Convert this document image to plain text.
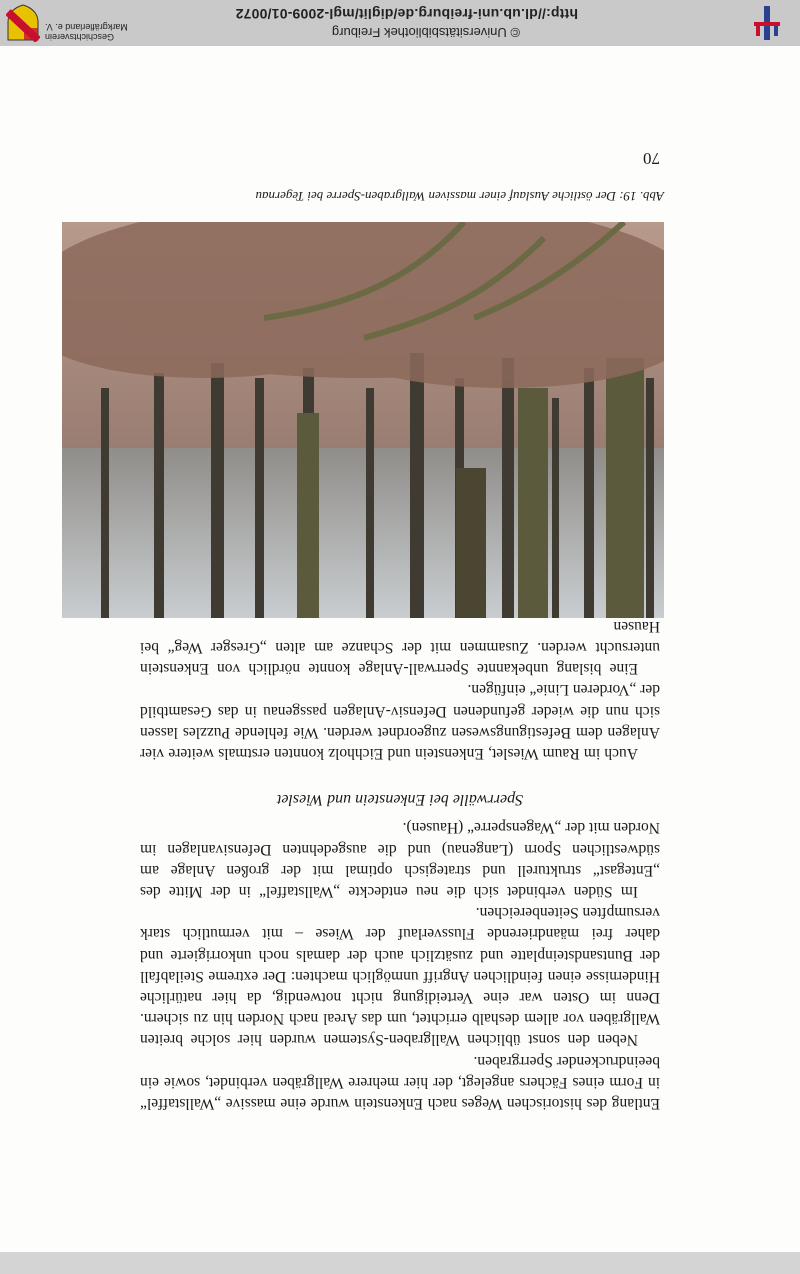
Entlang des historischen Weges nach Enkenstein wurde eine massive „Wallstaffel“ in Form eines Fächers angelegt, der hier mehrere Wallgräben verbindet, sowie ein beeindruckender Sperrgraben.

Neben den sonst üblichen Wallgraben-Systemen wurden hier solche breiten Wallgräben vor allem deshalb errichtet, um das Areal nach Norden hin zu sichern. Denn im Osten war eine Verteidigung nicht notwendig, da hier natürliche Hindernisse einen feindlichen Angriff unmöglich machten: Der extreme Steilabfall der Buntsandsteinplatte und zusätzlich auch der damals noch unkorrigierte und daher frei mäandrierende Flussverlauf der Wiese – mit vermutlich stark versumpften Seitenbereichen.

Im Süden verbindet sich die neu entdeckte „Wallstaffel“ in der Mitte des „Entegast“ strukturell und strategisch optimal mit der großen Anlage am südwestlichen Sporn (Langenau) und die ausgedehnten Defensivanlagen im Norden mit der „Wagensperre“ (Hausen).

Sperrwälle bei Enkenstein und Wieslet

Auch im Raum Wieslet, Enkenstein und Eichholz konnten erstmals weitere vier Anlagen dem Befestigungswesen zugeordnet werden. Wie fehlende Puzzles lassen sich nun die wieder gefundenen Defensiv-Anlagen passgenau in das Gesamtbild der „Vorderen Linie“ einfügen.

Eine bislang unbekannte Sperrwall-Anlage konnte nördlich von Enkenstein untersucht werden. Zusammen mit der Schanze am alten „Gresger Weg“ bei Hausen

Abb. 19: Der östliche Auslauf einer massiven Wallgraben-Sperre bei Tegernau
70
© Universitätsbibliothek Freiburg
http://dl.ub.uni-freiburg.de/diglit/mgl-2009-01/0072
Geschichtsverein
Markgräflerland e. V.
